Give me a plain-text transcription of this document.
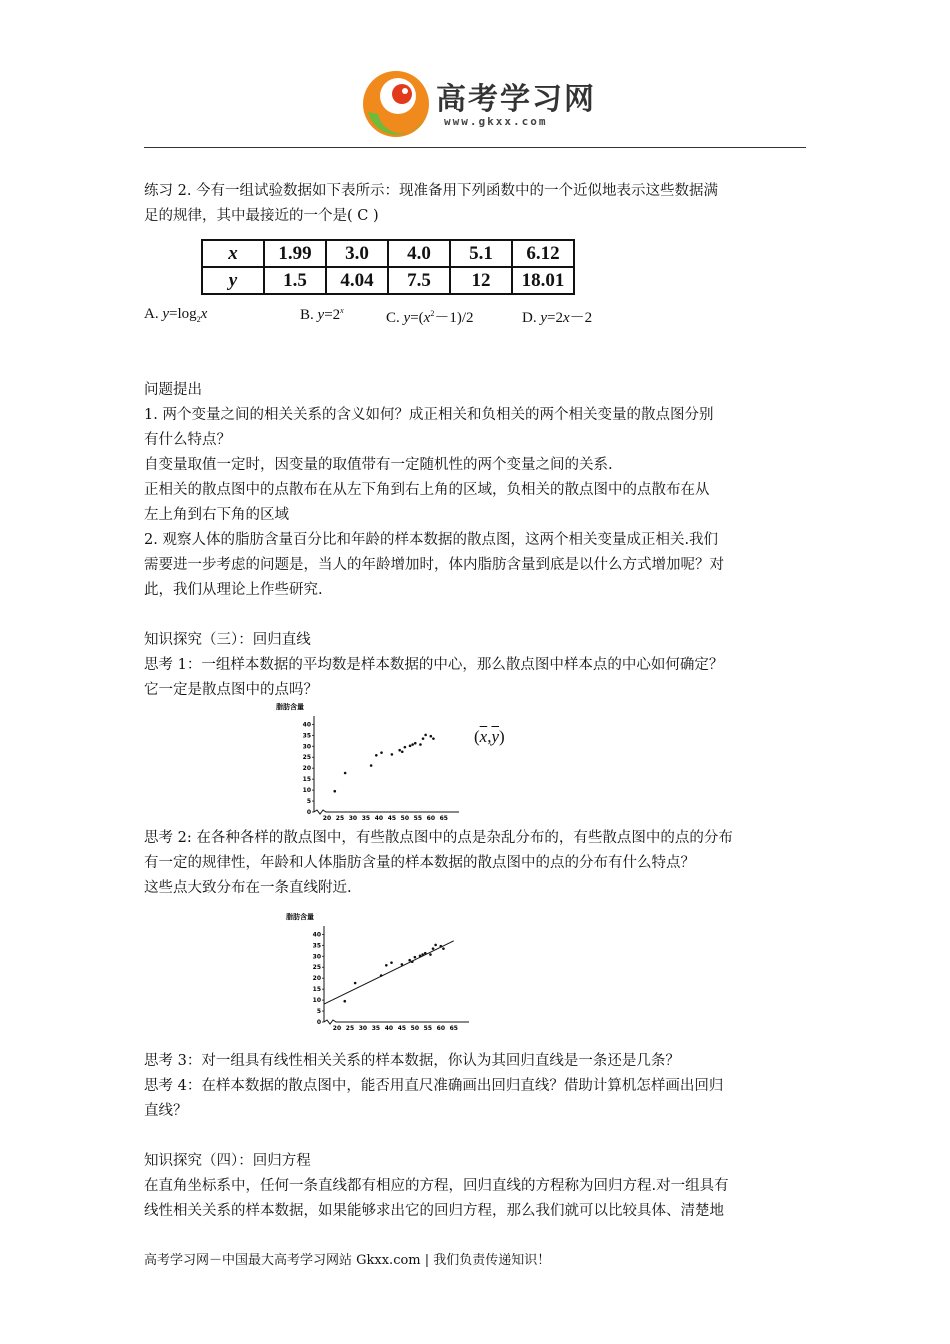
高考学习网
www.gkxx.com
练习 2. 今有一组试验数据如下表所示：现准备用下列函数中的一个近似地表示这些数据满
足的规律，其中最接近的一个是( C )
x	1.99	3.0	4.0	5.1	6.12
y	1.5	4.04	7.5	12	18.01
A. $y=\log_2x$	B. $y=2^x$	C. $y=(x^2-1)/2$	D. y=2x－2
问题提出
1. 两个变量之间的相关关系的含义如何？成正相关和负相关的两个相关变量的散点图分别
有什么特点？
自变量取值一定时，因变量的取值带有一定随机性的两个变量之间的关系.
正相关的散点图中的点散布在从左下角到右上角的区域，负相关的散点图中的点散布在从
左上角到右下角的区域
2. 观察人体的脂肪含量百分比和年龄的样本数据的散点图，这两个相关变量成正相关.我们
需要进一步考虑的问题是，当人的年龄增加时，体内脂肪含量到底是以什么方式增加呢？对
此，我们从理论上作些研究.
知识探究（三）：回归直线
思考 1：一组样本数据的平均数是样本数据的中心，那么散点图中样本点的中心如何确定？
它一定是散点图中的点吗？
脂肪含量
0
5
10
15
20
25
30
35
40
20 25 30 35 40 45 50 55 60 65
$(\overline{x},\overline{y})$
思考 2: 在各种各样的散点图中，有些散点图中的点是杂乱分布的，有些散点图中的点的分布
有一定的规律性，年龄和人体脂肪含量的样本数据的散点图中的点的分布有什么特点？
这些点大致分布在一条直线附近.
脂肪含量
0
5
10
15
20
25
30
35
40
20 25 30 35 40 45 50 55 60 65
思考 3：对一组具有线性相关关系的样本数据，你认为其回归直线是一条还是几条？
思考 4：在样本数据的散点图中，能否用直尺准确画出回归直线？借助计算机怎样画出回归
直线？
知识探究（四）：回归方程
在直角坐标系中，任何一条直线都有相应的方程，回归直线的方程称为回归方程.对一组具有
线性相关关系的样本数据，如果能够求出它的回归方程，那么我们就可以比较具体、清楚地
高考学习网－中国最大高考学习网站 Gkxx.com | 我们负责传递知识！
